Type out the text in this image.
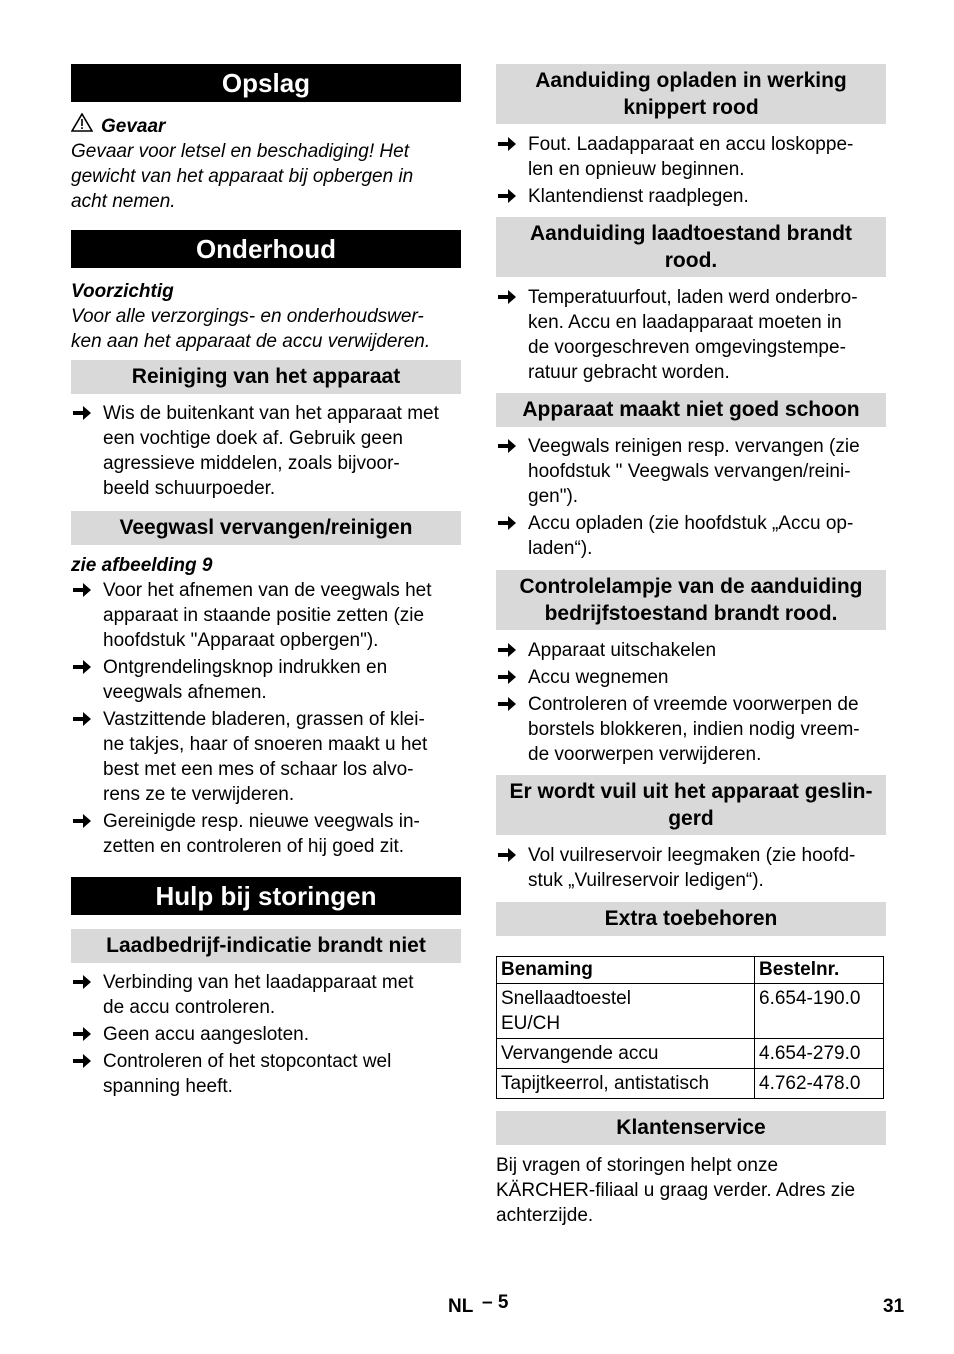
Opslag
Gevaar
Gevaar voor letsel en beschadiging! Het
gewicht van het apparaat bij opbergen in
acht nemen.
Onderhoud
Voorzichtig
Voor alle verzorgings- en onderhoudswer-
ken aan het apparaat de accu verwijderen.
Reiniging van het apparaat
Wis de buitenkant van het apparaat met
een vochtige doek af. Gebruik geen
agressieve middelen, zoals bijvoor-
beeld schuurpoeder.
Veegwasl vervangen/reinigen
zie afbeelding 9
Voor het afnemen van de veegwals het
apparaat in staande positie zetten (zie
hoofdstuk "Apparaat opbergen").
Ontgrendelingsknop indrukken en
veegwals afnemen.
Vastzittende bladeren, grassen of klei-
ne takjes, haar of snoeren maakt u het
best met een mes of schaar los alvo-
rens ze te verwijderen.
Gereinigde resp. nieuwe veegwals in-
zetten en controleren of hij goed zit.
Hulp bij storingen
Laadbedrijf-indicatie brandt niet
Verbinding van het laadapparaat met
de accu controleren.
Geen accu aangesloten.
Controleren of het stopcontact wel
spanning heeft.
Aanduiding opladen in werking
knippert rood
Fout. Laadapparaat en accu loskoppe-
len en opnieuw beginnen.
Klantendienst raadplegen.
Aanduiding laadtoestand brandt
rood.
Temperatuurfout, laden werd onderbro-
ken. Accu en laadapparaat moeten in
de voorgeschreven omgevingstempe-
ratuur gebracht worden.
Apparaat maakt niet goed schoon
Veegwals reinigen resp. vervangen (zie
hoofdstuk " Veegwals vervangen/reini-
gen").
Accu opladen (zie hoofdstuk „Accu op-
laden“).
Controlelampje van de aanduiding
bedrijfstoestand brandt rood.
Apparaat uitschakelen
Accu wegnemen
Controleren of vreemde voorwerpen de
borstels blokkeren, indien nodig vreem-
de voorwerpen verwijderen.
Er wordt vuil uit het apparaat geslin-
gerd
Vol vuilreservoir leegmaken (zie hoofd-
stuk „Vuilreservoir ledigen“).
Extra toebehoren
Benaming	Bestelnr.

Snellaadtoestel
EU/CH	6.654-190.0

Vervangende accu	4.654-279.0

Tapijtkeerrol, antistatisch	4.762-478.0
Klantenservice
Bij vragen of storingen helpt onze
KÄRCHER-filiaal u graag verder. Adres zie
achterzijde.
NL – 5	31
